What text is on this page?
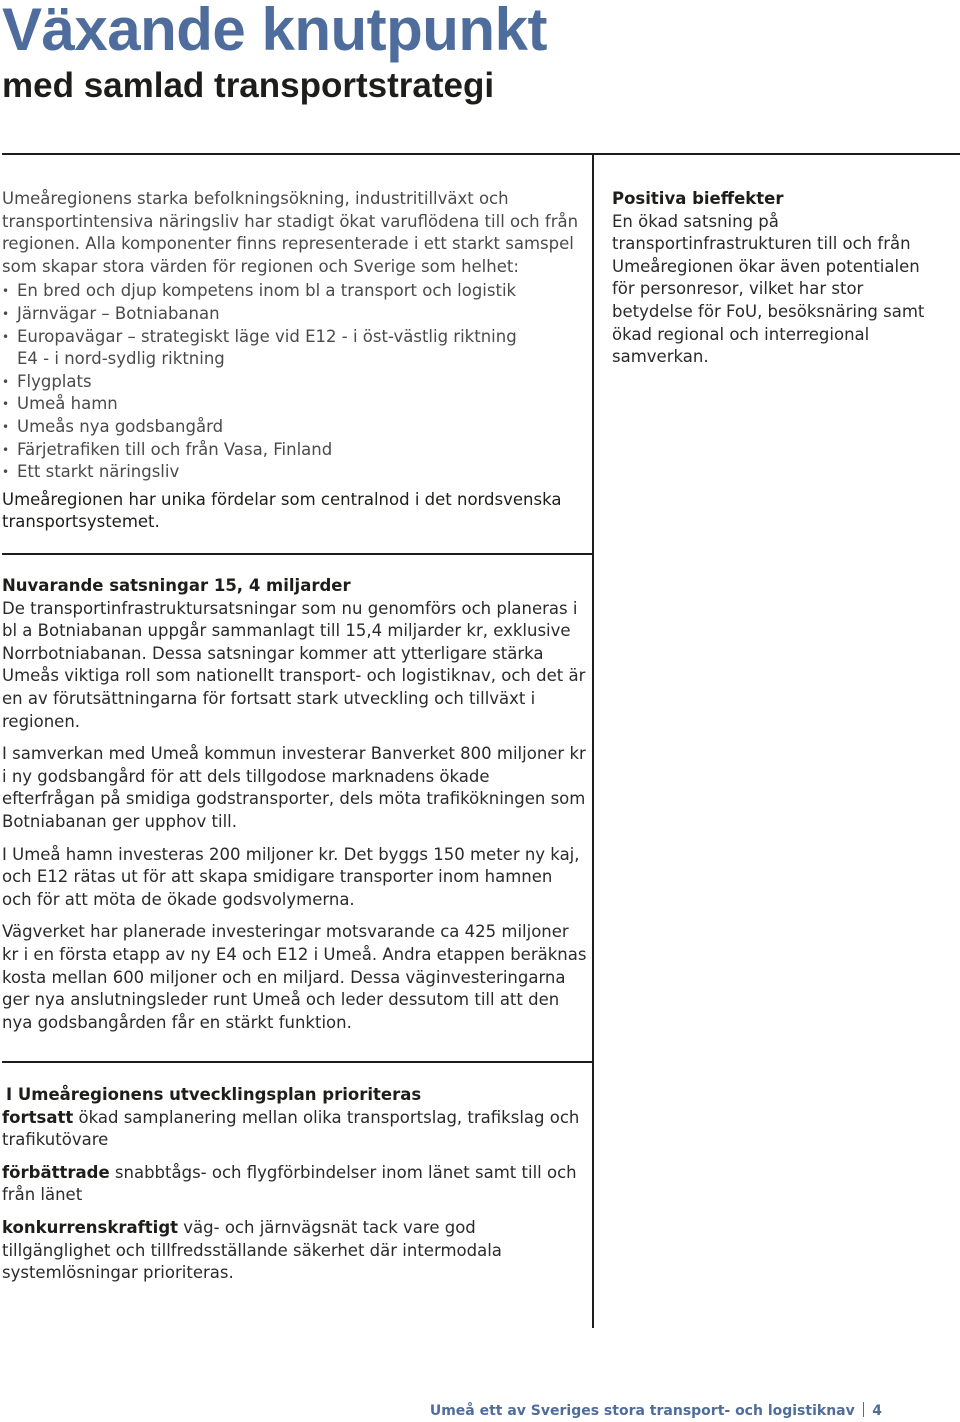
Växande knutpunkt
med samlad transportstrategi

Umeåregionens starka befolkningsökning, industritillväxt och transportintensiva näringsliv har stadigt ökat varuflödena till och från regionen. Alla komponenter finns representerade i ett starkt samspel som skapar stora värden för regionen och Sverige som helhet:

• En bred och djup kompetens inom bl a transport och logistik
• Järnvägar – Botniabanan
• Europavägar – strategiskt läge vid E12 - i öst-västlig riktning E4 - i nord-sydlig riktning
• Flygplats
• Umeå hamn
• Umeås nya godsbangård
• Färjetrafiken till och från Vasa, Finland
• Ett starkt näringsliv

Umeåregionen har unika fördelar som centralnod i det nordsvenska transportsystemet.

Positiva bieffekter

En ökad satsning på transportinfrastrukturen till och från Umeåregionen ökar även potentialen för personresor, vilket har stor betydelse för FoU, besöksnäring samt ökad regional och interregional samverkan.

Nuvarande satsningar 15, 4 miljarder

De transportinfrastruktursatsningar som nu genomförs och planeras i bl a Botniabanan uppgår sammanlagt till 15,4 miljarder kr, exklusive Norrbotniabanan. Dessa satsningar kommer att ytterligare stärka Umeås viktiga roll som nationellt transport- och logistiknav, och det är en av förutsättningarna för fortsatt stark utveckling och tillväxt i regionen.

I samverkan med Umeå kommun investerar Banverket 800 miljoner kr i ny godsbangård för att dels tillgodose marknadens ökade efterfrågan på smidiga godstransporter, dels möta trafikökningen som Botniabanan ger upphov till.

I Umeå hamn investeras 200 miljoner kr. Det byggs 150 meter ny kaj, och E12 rätas ut för att skapa smidigare transporter inom hamnen och för att möta de ökade godsvolymerna.

Vägverket har planerade investeringar motsvarande ca 425 miljoner kr i en första etapp av ny E4 och E12 i Umeå. Andra etappen beräknas kosta mellan 600 miljoner och en miljard. Dessa väginvesteringarna ger nya anslutningsleder runt Umeå och leder dessutom till att den nya godsbangården får en stärkt funktion.

I Umeåregionens utvecklingsplan prioriteras

fortsatt ökad samplanering mellan olika transportslag, trafikslag och trafikutövare

förbättrade snabbtågs- och flygförbindelser inom länet samt till och från länet

konkurrenskraftigt väg- och järnvägsnät tack vare god tillgänglighet och tillfredsställande säkerhet där intermodala systemlösningar prioriteras.

Umeå ett av Sveriges stora transport- och logistiknav 4
